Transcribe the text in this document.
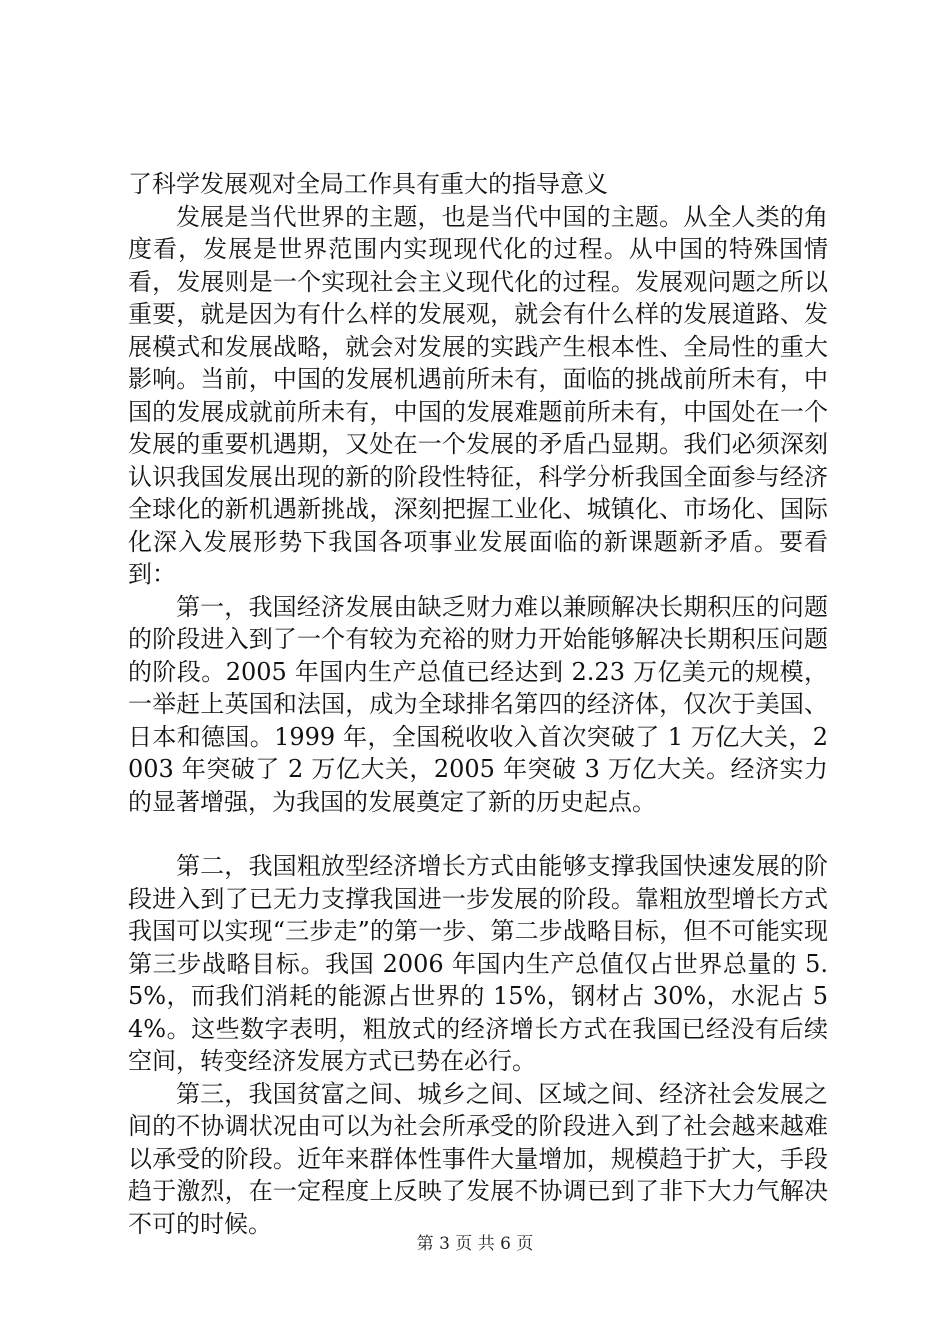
了科学发展观对全局工作具有重大的指导意义

发展是当代世界的主题，也是当代中国的主题。从全人类的角度看，发展是世界范围内实现现代化的过程。从中国的特殊国情看，发展则是一个实现社会主义现代化的过程。发展观问题之所以重要，就是因为有什么样的发展观，就会有什么样的发展道路、发展模式和发展战略，就会对发展的实践产生根本性、全局性的重大影响。当前，中国的发展机遇前所未有，面临的挑战前所未有，中国的发展成就前所未有，中国的发展难题前所未有，中国处在一个发展的重要机遇期，又处在一个发展的矛盾凸显期。我们必须深刻认识我国发展出现的新的阶段性特征，科学分析我国全面参与经济全球化的新机遇新挑战，深刻把握工业化、城镇化、市场化、国际化深入发展形势下我国各项事业发展面临的新课题新矛盾。要看到：

第一，我国经济发展由缺乏财力难以兼顾解决长期积压的问题的阶段进入到了一个有较为充裕的财力开始能够解决长期积压问题的阶段。2005 年国内生产总值已经达到 2.23 万亿美元的规模，一举赶上英国和法国，成为全球排名第四的经济体，仅次于美国、日本和德国。1999 年，全国税收收入首次突破了 1 万亿大关，2003 年突破了 2 万亿大关，2005 年突破 3 万亿大关。经济实力的显著增强，为我国的发展奠定了新的历史起点。

第二，我国粗放型经济增长方式由能够支撑我国快速发展的阶段进入到了已无力支撑我国进一步发展的阶段。靠粗放型增长方式我国可以实现“三步走”的第一步、第二步战略目标，但不可能实现第三步战略目标。我国 2006 年国内生产总值仅占世界总量的 5.5%，而我们消耗的能源占世界的 15%，钢材占 30%，水泥占 54%。这些数字表明，粗放式的经济增长方式在我国已经没有后续空间，转变经济发展方式已势在必行。

第三，我国贫富之间、城乡之间、区域之间、经济社会发展之间的不协调状况由可以为社会所承受的阶段进入到了社会越来越难以承受的阶段。近年来群体性事件大量增加，规模趋于扩大，手段趋于激烈，在一定程度上反映了发展不协调已到了非下大力气解决不可的时候。

第 3 页 共 6 页
